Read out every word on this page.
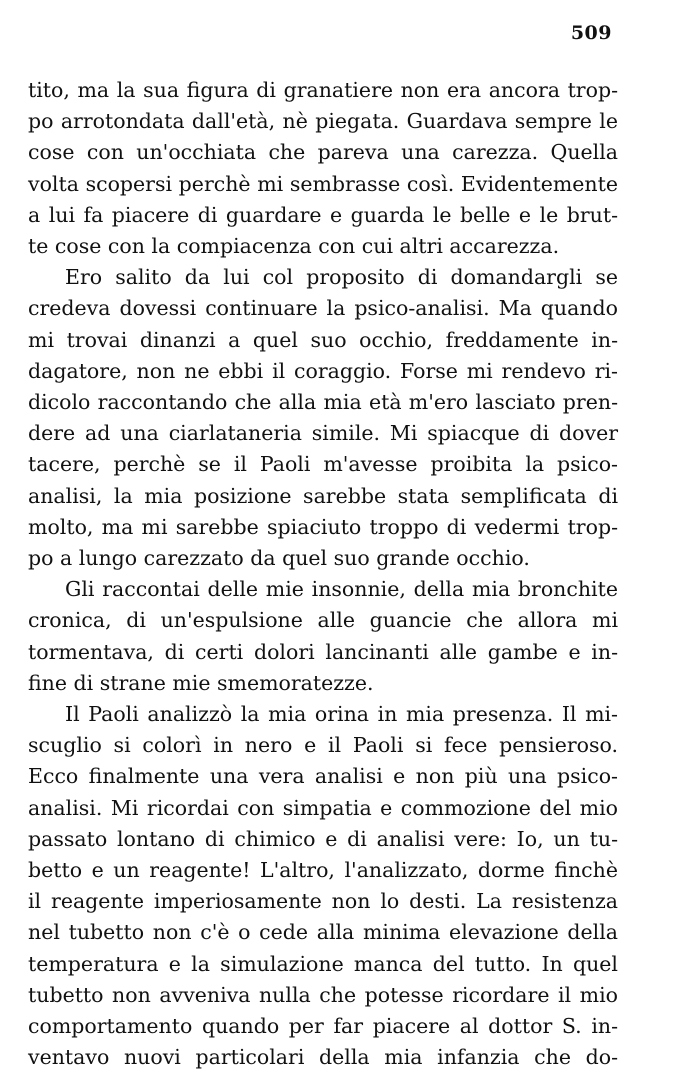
509

tito, ma la sua figura di granatiere non era ancora trop-
po arrotondata dall'età, nè piegata. Guardava sempre le
cose con un'occhiata che pareva una carezza. Quella
volta scopersi perchè mi sembrasse così. Evidentemente
a lui fa piacere di guardare e guarda le belle e le brut-
te cose con la compiacenza con cui altri accarezza.

Ero salito da lui col proposito di domandargli se
credeva dovessi continuare la psico-analisi. Ma quando
mi trovai dinanzi a quel suo occhio, freddamente in-
dagatore, non ne ebbi il coraggio. Forse mi rendevo ri-
dicolo raccontando che alla mia età m'ero lasciato pren-
dere ad una ciarlataneria simile. Mi spiacque di dover
tacere, perchè se il Paoli m'avesse proibita la psico-
analisi, la mia posizione sarebbe stata semplificata di
molto, ma mi sarebbe spiaciuto troppo di vedermi trop-
po a lungo carezzato da quel suo grande occhio.

Gli raccontai delle mie insonnie, della mia bronchite
cronica, di un'espulsione alle guancie che allora mi
tormentava, di certi dolori lancinanti alle gambe e in-
fine di strane mie smemoratezze.

Il Paoli analizzò la mia orina in mia presenza. Il mi-
scuglio si colorì in nero e il Paoli si fece pensieroso.
Ecco finalmente una vera analisi e non più una psico-
analisi. Mi ricordai con simpatia e commozione del mio
passato lontano di chimico e di analisi vere: Io, un tu-
betto e un reagente! L'altro, l'analizzato, dorme finchè
il reagente imperiosamente non lo desti. La resistenza
nel tubetto non c'è o cede alla minima elevazione della
temperatura e la simulazione manca del tutto. In quel
tubetto non avveniva nulla che potesse ricordare il mio
comportamento quando per far piacere al dottor S. in-
ventavo nuovi particolari della mia infanzia che do-
